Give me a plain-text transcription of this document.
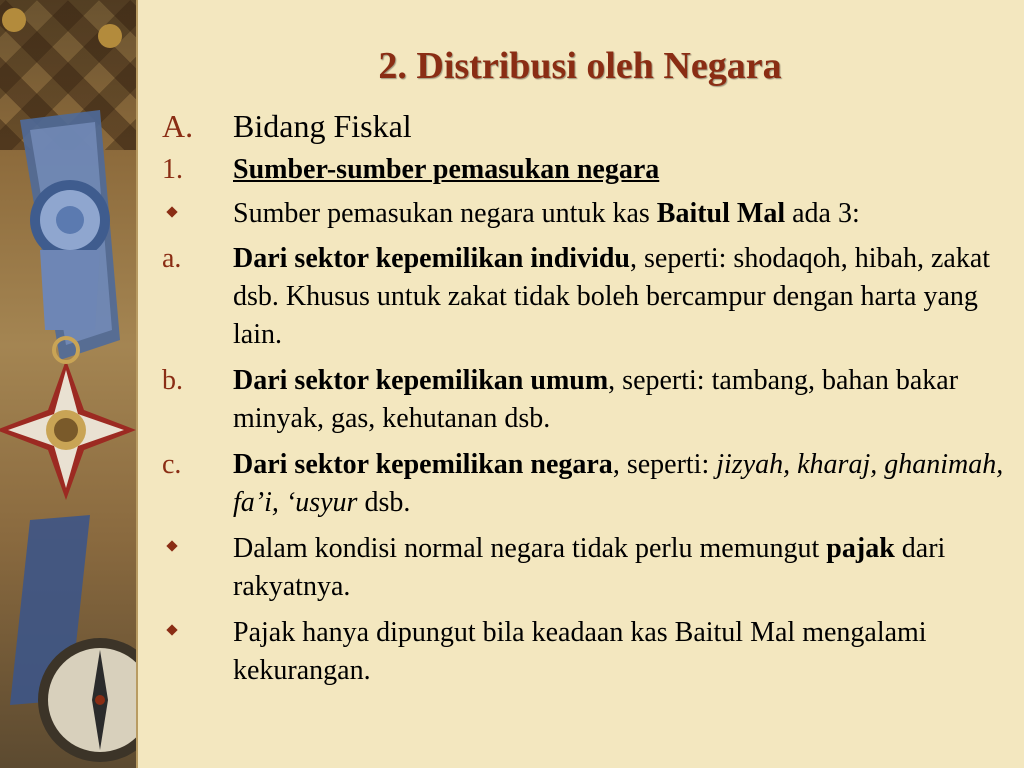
2. Distribusi oleh Negara
A.	Bidang Fiskal
1.	Sumber-sumber pemasukan negara
Sumber pemasukan negara untuk kas Baitul Mal ada 3:
a.	Dari sektor kepemilikan individu, seperti: shodaqoh, hibah, zakat dsb. Khusus untuk zakat tidak boleh bercampur dengan harta yang lain.
b.	Dari sektor kepemilikan umum, seperti: tambang, bahan bakar minyak, gas, kehutanan dsb.
c.	Dari sektor kepemilikan negara, seperti: jizyah, kharaj, ghanimah, fa’i, ‘usyur dsb.
Dalam kondisi normal negara tidak perlu memungut pajak dari rakyatnya.
Pajak hanya dipungut bila keadaan kas Baitul Mal mengalami kekurangan.
